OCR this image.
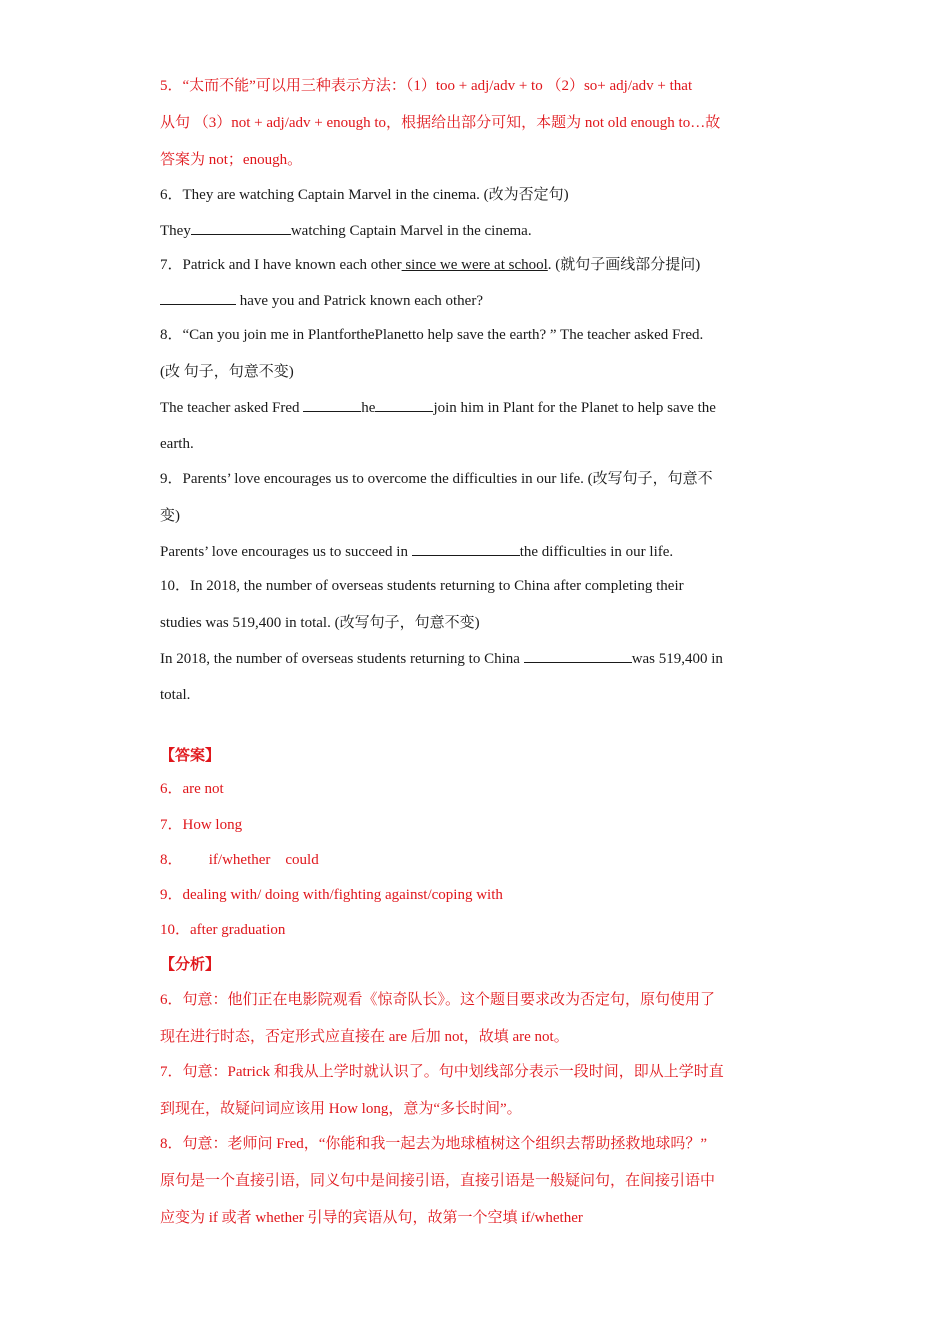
5．“太而不能”可以用三种表示方法：（1）too + adj/adv + to （2）so+ adj/adv + that
从句 （3）not + adj/adv + enough to，根据给出部分可知，本题为 not old enough to…故
答案为 not；enough。
6．They are watching Captain Marvel in the cinema. (改为否定句)
They	watching Captain Marvel in the cinema.
7．Patrick and I have known each other since we were at school. (就句子画线部分提问)
have you and Patrick known each other?
8．“Can you join me in PlantforthePlanetto help save the earth? ” The teacher asked Fred.
(改 句子，句意不变)
The teacher asked Fred	he	join him in Plant for the Planet to help save the
earth.
9．Parents’ love encourages us to overcome the difficulties in our life. (改写句子，句意不
变)
Parents’ love encourages us to succeed in	the difficulties in our life.
10．In 2018, the number of overseas students returning to China after completing their
studies was 519,400 in total. (改写句子，句意不变)
In 2018, the number of overseas students returning to China	was 519,400 in
total.
【答案】
6．are not
7．How long
8．       if/whether    could
9．dealing with/ doing with/fighting against/coping with
10．after graduation
【分析】
6．句意：他们正在电影院观看《惊奇队长》。这个题目要求改为否定句，原句使用了
现在进行时态，否定形式应直接在 are 后加 not，故填 are not。
7．句意：Patrick 和我从上学时就认识了。句中划线部分表示一段时间，即从上学时直
到现在，故疑问词应该用 How long，意为“多长时间”。
8．句意：老师问 Fred，“你能和我一起去为地球植树这个组织去帮助拯救地球吗？”
原句是一个直接引语，同义句中是间接引语，直接引语是一般疑问句，在间接引语中
应变为 if 或者 whether 引导的宾语从句，故第一个空填 if/whether
